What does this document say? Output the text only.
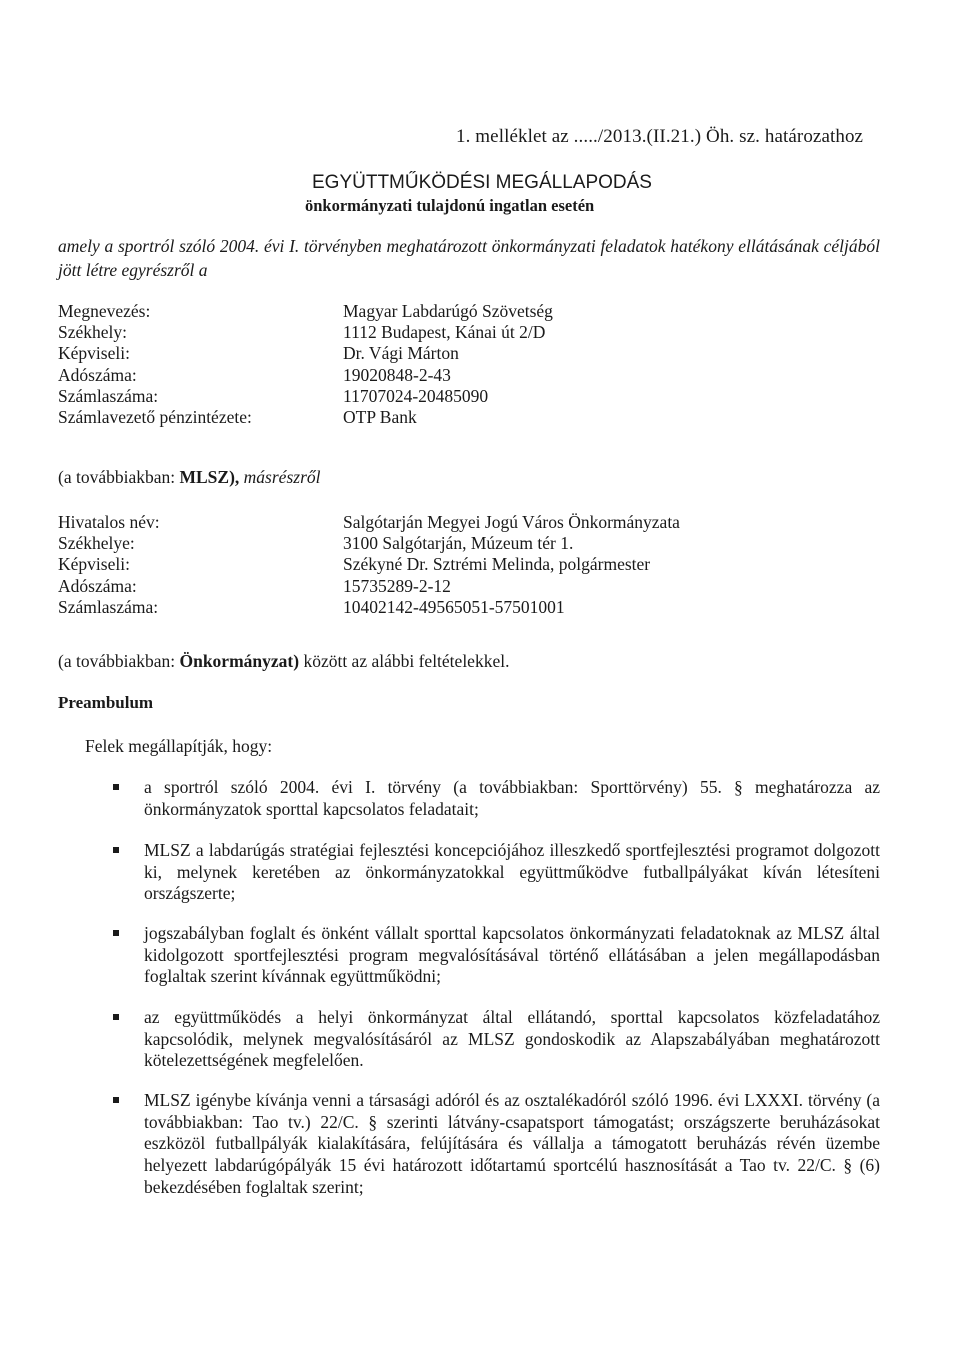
1. melléklet az ...../2013.(II.21.) Öh. sz. határozathoz
EGYÜTTMŰKÖDÉSI MEGÁLLAPODÁS
önkormányzati tulajdonú ingatlan esetén
amely a sportról szóló 2004. évi I. törvényben meghatározott önkormányzati feladatok hatékony ellátásának céljából jött létre egyrészről a
Megnevezés:	Magyar Labdarúgó Szövetség
Székhely:	1112 Budapest, Kánai út 2/D
Képviseli:	Dr. Vági Márton
Adószáma:	19020848-2-43
Számlaszáma:	11707024-20485090
Számlavezető pénzintézete:	OTP Bank
(a továbbiakban: MLSZ), másrészről
Hivatalos név:	Salgótarján Megyei Jogú Város Önkormányzata
Székhelye:	3100 Salgótarján, Múzeum tér 1.
Képviseli:	Székyné Dr. Sztrémi Melinda, polgármester
Adószáma:	15735289-2-12
Számlaszáma:	10402142-49565051-57501001
(a továbbiakban: Önkormányzat) között az alábbi feltételekkel.
Preambulum
Felek megállapítják, hogy:
a sportról szóló 2004. évi I. törvény (a továbbiakban: Sporttörvény) 55. § meghatározza az önkormányzatok sporttal kapcsolatos feladatait;
MLSZ a labdarúgás stratégiai fejlesztési koncepciójához illeszkedő sportfejlesztési programot dolgozott ki, melynek keretében az önkormányzatokkal együttműködve futballpályákat kíván létesíteni országszerte;
jogszabályban foglalt és önként vállalt sporttal kapcsolatos önkormányzati feladatoknak az MLSZ által kidolgozott sportfejlesztési program megvalósításával történő ellátásában a jelen megállapodásban foglaltak szerint kívánnak együttműködni;
az együttműködés a helyi önkormányzat által ellátandó, sporttal kapcsolatos közfeladatához kapcsolódik, melynek megvalósításáról az MLSZ gondoskodik az Alapszabályában meghatározott kötelezettségének megfelelően.
MLSZ igénybe kívánja venni a társasági adóról és az osztalékadóról szóló 1996. évi LXXXI. törvény (a továbbiakban: Tao tv.) 22/C. § szerinti látvány-csapatsport támogatást; országszerte beruházásokat eszközöl futballpályák kialakítására, felújítására és vállalja a támogatott beruházás révén üzembe helyezett labdarúgópályák 15 évi határozott időtartamú sportcélú hasznosítását a Tao tv. 22/C. § (6) bekezdésében foglaltak szerint;
